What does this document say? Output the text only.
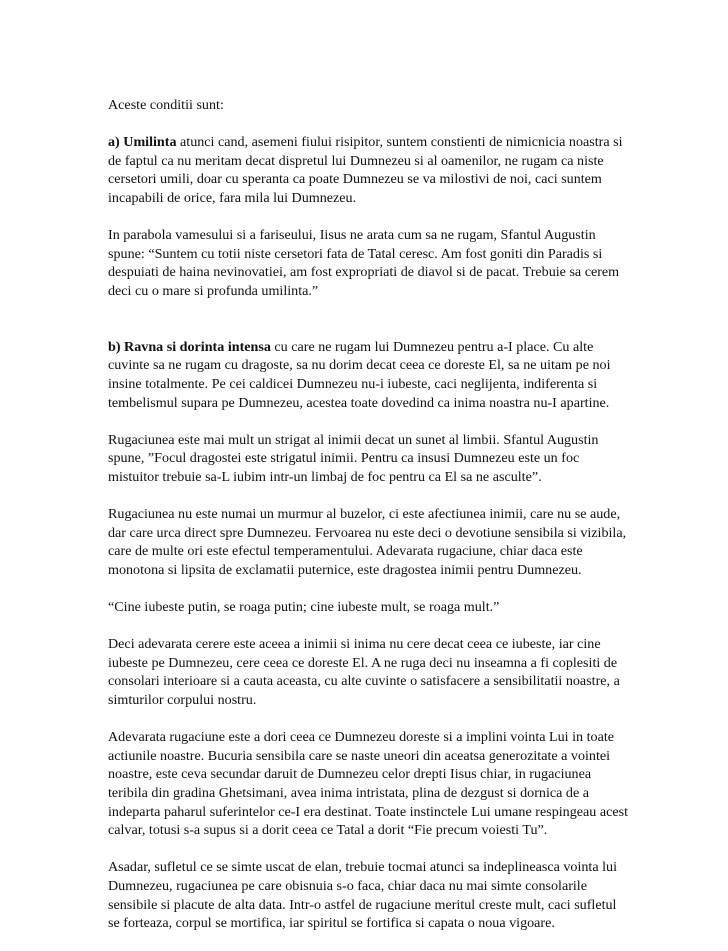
Aceste conditii sunt:

a) Umilinta atunci cand, asemeni fiului risipitor, suntem constienti de nimicnicia noastra si de faptul ca nu meritam decat dispretul lui Dumnezeu si al oamenilor, ne rugam ca niste cersetori umili, doar cu speranta ca poate Dumnezeu se va milostivi de noi, caci suntem incapabili de orice, fara mila lui Dumnezeu.

In parabola vamesului si a fariseului, Iisus ne arata cum sa ne rugam, Sfantul Augustin spune: “Suntem cu totii niste cersetori fata de Tatal ceresc. Am fost goniti din Paradis si despuiati de haina nevinovatiei, am fost expropriati de diavol si de pacat. Trebuie sa cerem deci cu o mare si profunda umilinta.”

b) Ravna si dorinta intensa cu care ne rugam lui Dumnezeu pentru a-I place. Cu alte cuvinte sa ne rugam cu dragoste, sa nu dorim decat ceea ce doreste El, sa ne uitam pe noi insine totalmente. Pe cei caldicei Dumnezeu nu-i iubeste, caci neglijenta, indiferenta si tembelismul supara pe Dumnezeu, acestea toate dovedind ca inima noastra nu-I apartine.

Rugaciunea este mai mult un strigat al inimii decat un sunet al limbii. Sfantul Augustin spune, ”Focul dragostei este strigatul inimii. Pentru ca insusi Dumnezeu este un foc mistuitor trebuie sa-L iubim intr-un limbaj de foc pentru ca El sa ne asculte”.

Rugaciunea nu este numai un murmur al buzelor, ci este afectiunea inimii, care nu se aude, dar care urca direct spre Dumnezeu. Fervoarea nu este deci o devotiune sensibila si vizibila, care de multe ori este efectul temperamentului. Adevarata rugaciune, chiar daca este monotona si lipsita de exclamatii puternice, este dragostea inimii pentru Dumnezeu.

“Cine iubeste putin, se roaga putin; cine iubeste mult, se roaga mult.”

Deci adevarata cerere este aceea a inimii si inima nu cere decat ceea ce iubeste, iar cine iubeste pe Dumnezeu, cere ceea ce doreste El. A ne ruga deci nu inseamna a fi coplesiti de consolari interioare si a cauta aceasta, cu alte cuvinte o satisfacere a sensibilitatii noastre, a simturilor corpului nostru.

Adevarata rugaciune este a dori ceea ce Dumnezeu doreste si a implini vointa Lui in toate actiunile noastre. Bucuria sensibila care se naste uneori din aceatsa generozitate a vointei noastre, este ceva secundar daruit de Dumnezeu celor drepti Iisus chiar, in rugaciunea teribila din gradina Ghetsimani, avea inima intristata, plina de dezgust si dornica de a indeparta paharul suferintelor ce-I era destinat. Toate instinctele Lui umane respingeau acest calvar, totusi s-a supus si a dorit ceea ce Tatal a dorit “Fie precum voiesti Tu”.

Asadar, sufletul ce se simte uscat de elan, trebuie tocmai atunci sa indeplineasca vointa lui Dumnezeu, rugaciunea pe care obisnuia s-o faca, chiar daca nu mai simte consolarile sensibile si placute de alta data. Intr-o astfel de rugaciune meritul creste mult, caci sufletul se forteaza, corpul se mortifica, iar spiritul se fortifica si capata o noua vigoare.
